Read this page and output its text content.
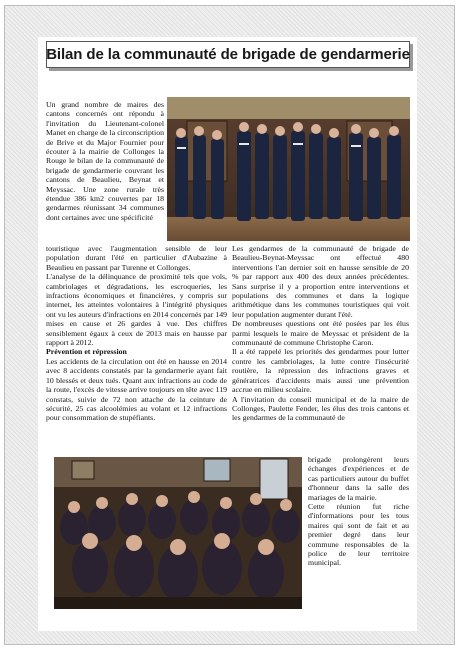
Bilan de la communauté de brigade de gendarmerie

Un grand nombre de maires des cantons concernés ont répondu à l'invitation du Lieutenant-colonel Manet en charge de la circonscription de Brive et du Major Fournier pour écouter à la mairie de Collonges la Rouge le bilan de la communauté de brigade de gendarmerie couvrant les cantons de Beaulieu, Beynat et Meyssac. Une zone rurale très étendue 386 km2 couvertes par 18 gendarmes réunissant 34 communes dont certaines avec une spécificité

touristique avec l'augmentation sensible de leur population durant l'été en particulier d'Aubazine à Beaulieu en passant par Turenne et Collonges.

L'analyse de la délinquance de proximité tels que vols, cambriolages et dégradations, les escroqueries, les infractions économiques et financières, y compris sur internet, les atteintes volontaires à l'intégrité physiques ont vu les auteurs d'infractions en 2014 concernés par 149 mises en cause et 26 gardes à vue. Des chiffres sensiblement égaux à ceux de 2013 mais en hausse par rapport à 2012.

Prévention et répression

Les accidents de la circulation ont été en hausse en 2014 avec 8 accidents constatés par la gendarmerie ayant fait 10 blessés et deux tués. Quant aux infractions au code de la route, l'excès de vitesse arrive toujours en tête avec 119 constats, suivie de 72 non attache de la ceinture de sécurité, 25 cas alcoolémies au volant et 12 infractions pour consommation de stupéfiants.

Les gendarmes de la communauté de brigade de Beaulieu-Beynat-Meyssac ont effectué 480 interventions l'an dernier soit en hausse sensible de 20 % par rapport aux 400 des deux années précédentes. Sans surprise il y a proportion entre interventions et populations des communes et dans la logique arithmétique dans les communes touristiques qui voit leur population augmenter durant l'été.

De nombreuses questions ont été posées par les élus parmi lesquels le maire de Meyssac et président de la communauté de commune Christophe Caron.

Il a été rappelé les priorités des gendarmes pour lutter contre les cambriolages, la lutte contre l'insécurité routière, la répression des infractions graves et génératrices d'accidents mais aussi une prévention accrue en milieu scolaire.

A l'invitation du conseil municipal et de la maire de Collonges, Paulette Fender, les élus des trois cantons et les gendarmes de la communauté de

brigade prolongèrent leurs échanges d'expériences et de cas particuliers autour du buffet d'honneur dans la salle des mariages de la mairie.

Cette réunion fut riche d'informations pour les tous maires qui sont de fait et au premier degré dans leur commune responsables de la police de leur territoire municipal.
